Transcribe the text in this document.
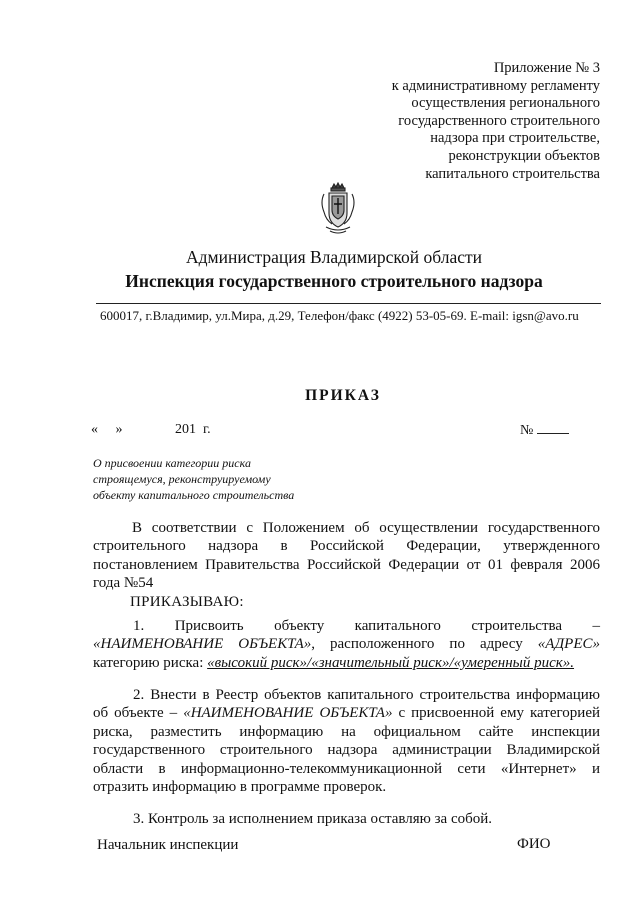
Приложение № 3
к административному регламенту
осуществления регионального
государственного строительного
надзора при строительстве,
реконструкции объектов
капитального строительства
Администрация Владимирской области
Инспекция государственного строительного надзора
600017, г.Владимир, ул.Мира, д.29, Телефон/факс (4922) 53-05-69. E-mail: igsn@avo.ru
ПРИКАЗ
«     »               201  г.	№
О присвоении категории риска
строящемуся, реконструируемому
объекту капитального строительства
В соответствии с Положением об осуществлении государственного строительного надзора в Российской Федерации, утвержденного постановлением Правительства Российской Федерации от 01 февраля 2006 года №54
ПРИКАЗЫВАЮ:
1. Присвоить объекту капитального строительства – «НАИМЕНОВАНИЕ ОБЪЕКТА», расположенного по адресу «АДРЕС» категорию риска: «высокий риск»/«значительный риск»/«умеренный риск».
2. Внести в Реестр объектов капитального строительства информацию об объекте – «НАИМЕНОВАНИЕ ОБЪЕКТА» с присвоенной ему категорией риска, разместить информацию на официальном сайте инспекции государственного строительного надзора администрации Владимирской области в информационно-телекоммуникационной сети «Интернет» и отразить информацию в программе проверок.
3. Контроль за исполнением приказа оставляю за собой.
Начальник инспекции	ФИО
